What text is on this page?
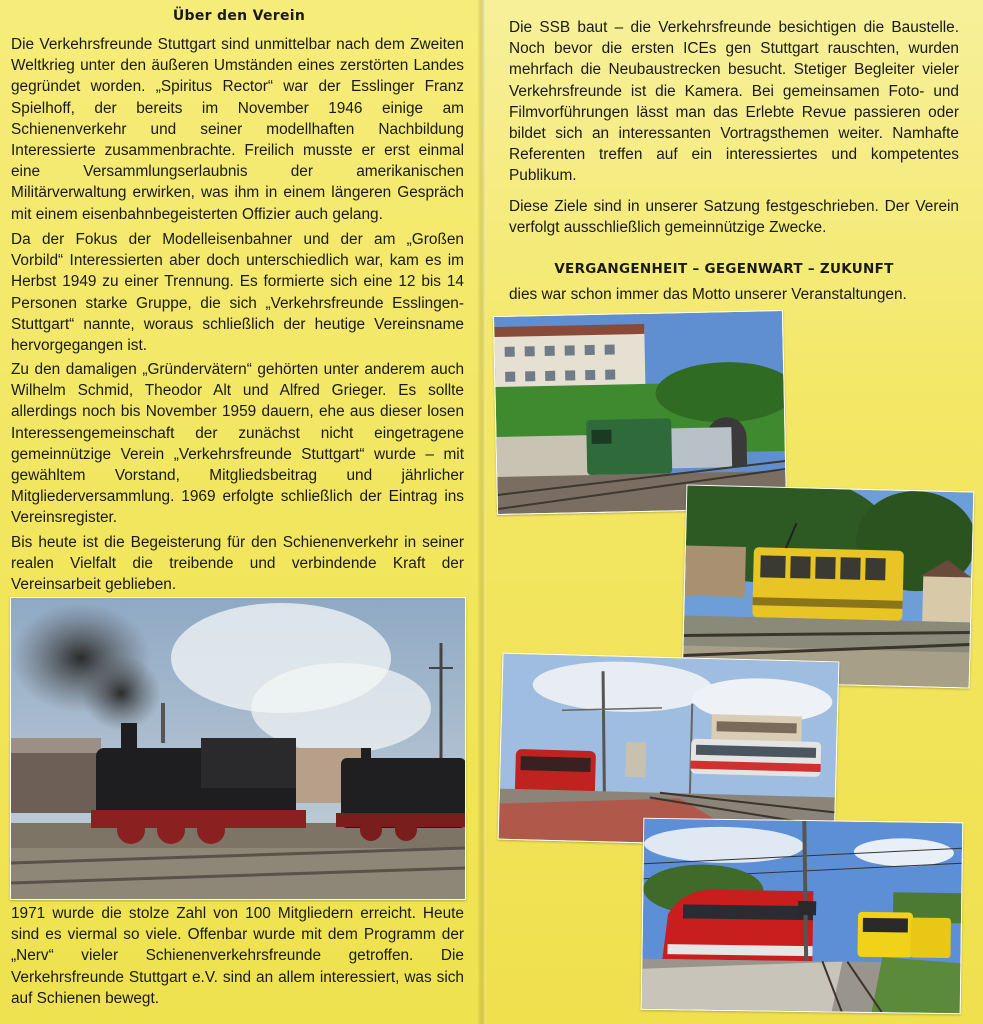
Über den Verein

Die Verkehrsfreunde Stuttgart sind unmittelbar nach dem Zweiten Weltkrieg unter den äußeren Umständen eines zerstörten Landes gegründet worden. „Spiritus Rector“ war der Esslinger Franz Spielhoff, der bereits im November 1946 einige am Schienenverkehr und seiner modellhaften Nachbildung Interessierte zusammenbrachte. Freilich musste er erst einmal eine Versammlungserlaubnis der amerikanischen Militärverwaltung erwirken, was ihm in einem längeren Gespräch mit einem eisenbahnbegeisterten Offizier auch gelang.

Da der Fokus der Modelleisenbahner und der am „Großen Vorbild“ Interessierten aber doch unterschiedlich war, kam es im Herbst 1949 zu einer Trennung. Es formierte sich eine 12 bis 14 Personen starke Gruppe, die sich „Verkehrsfreunde Esslingen-Stuttgart“ nannte, woraus schließlich der heutige Vereinsname hervorgegangen ist.

Zu den damaligen „Gründervätern“ gehörten unter anderem auch Wilhelm Schmid, Theodor Alt und Alfred Grieger. Es sollte allerdings noch bis November 1959 dauern, ehe aus dieser losen Interessengemeinschaft der zunächst nicht eingetragene gemeinnützige Verein „Verkehrsfreunde Stuttgart“ wurde – mit gewähltem Vorstand, Mitgliedsbeitrag und jährlicher Mitgliederversammlung. 1969 erfolgte schließlich der Eintrag ins Vereinsregister.

Bis heute ist die Begeisterung für den Schienenverkehr in seiner realen Vielfalt die treibende und verbindende Kraft der Vereinsarbeit geblieben.

1971 wurde die stolze Zahl von 100 Mitgliedern erreicht. Heute sind es viermal so viele. Offenbar wurde mit dem Programm der „Nerv“ vieler Schienenverkehrsfreunde getroffen. Die Verkehrsfreunde Stuttgart e.V. sind an allem interessiert, was sich auf Schienen bewegt.

Die SSB baut – die Verkehrsfreunde besichtigen die Baustelle. Noch bevor die ersten ICEs gen Stuttgart rauschten, wurden mehrfach die Neubaustrecken besucht. Stetiger Begleiter vieler Verkehrsfreunde ist die Kamera. Bei gemeinsamen Foto- und Filmvorführungen lässt man das Erlebte Revue passieren oder bildet sich an interessanten Vortragsthemen weiter. Namhafte Referenten treffen auf ein interessiertes und kompetentes Publikum.

Diese Ziele sind in unserer Satzung festgeschrieben. Der Verein verfolgt ausschließlich gemeinnützige Zwecke.

VERGANGENHEIT – GEGENWART – ZUKUNFT

dies war schon immer das Motto unserer Veranstaltungen.
